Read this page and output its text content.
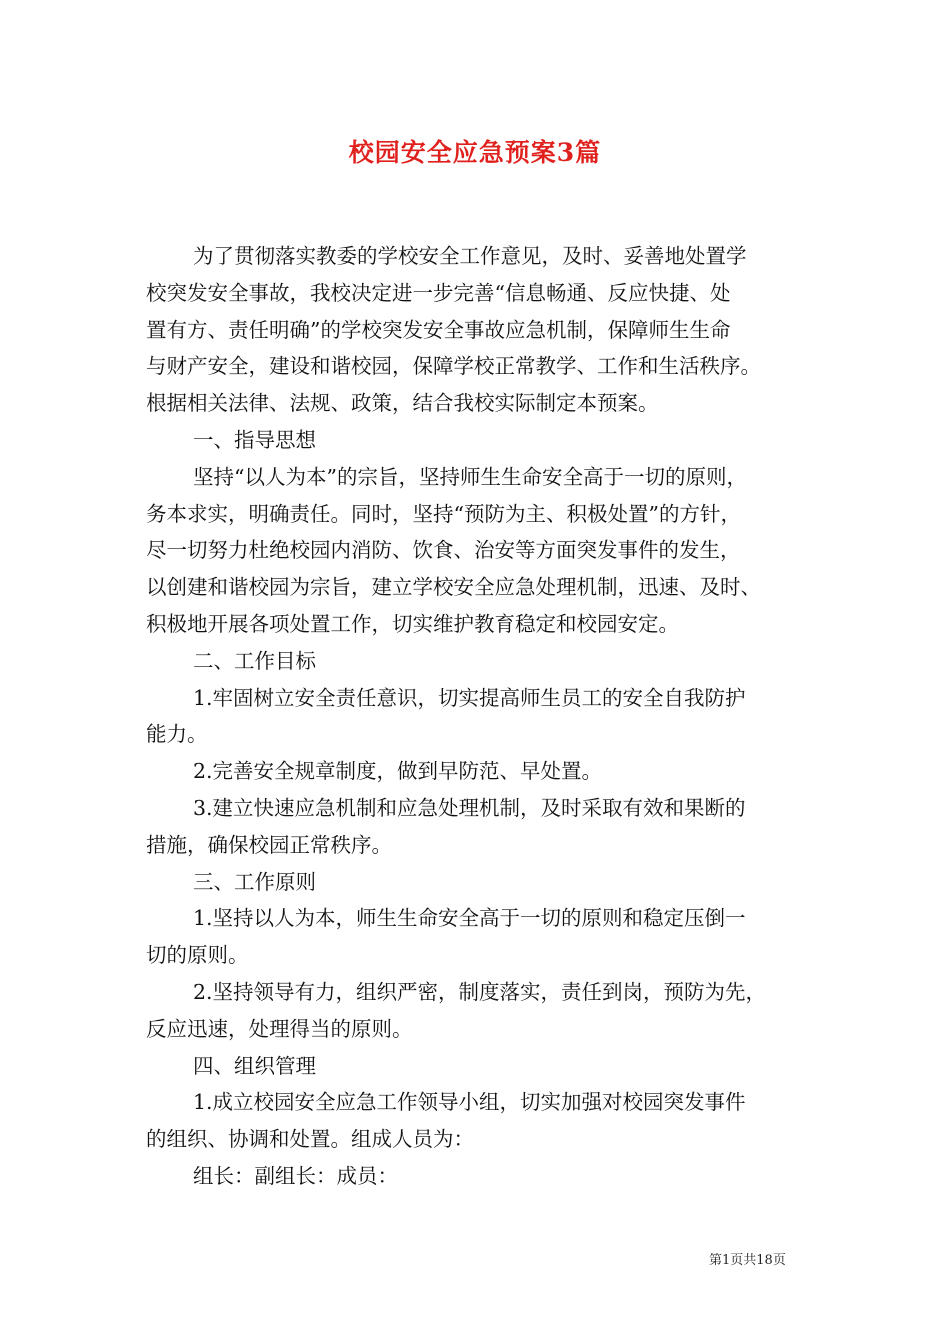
校园安全应急预案3篇

为了贯彻落实教委的学校安全工作意见，及时、妥善地处置学

校突发安全事故，我校决定进一步完善“信息畅通、反应快捷、处

置有方、责任明确”的学校突发安全事故应急机制，保障师生生命

与财产安全，建设和谐校园，保障学校正常教学、工作和生活秩序。

根据相关法律、法规、政策，结合我校实际制定本预案。

一、指导思想

坚持“以人为本”的宗旨，坚持师生生命安全高于一切的原则，

务本求实，明确责任。同时，坚持“预防为主、积极处置”的方针，

尽一切努力杜绝校园内消防、饮食、治安等方面突发事件的发生，

以创建和谐校园为宗旨，建立学校安全应急处理机制，迅速、及时、

积极地开展各项处置工作，切实维护教育稳定和校园安定。

二、工作目标

1.牢固树立安全责任意识，切实提高师生员工的安全自我防护

能力。

2.完善安全规章制度，做到早防范、早处置。

3.建立快速应急机制和应急处理机制，及时采取有效和果断的

措施，确保校园正常秩序。

三、工作原则

1.坚持以人为本，师生生命安全高于一切的原则和稳定压倒一

切的原则。

2.坚持领导有力，组织严密，制度落实，责任到岗，预防为先，

反应迅速，处理得当的原则。

四、组织管理

1.成立校园安全应急工作领导小组，切实加强对校园突发事件

的组织、协调和处置。组成人员为：

组长：副组长：成员：

第1页共18页
